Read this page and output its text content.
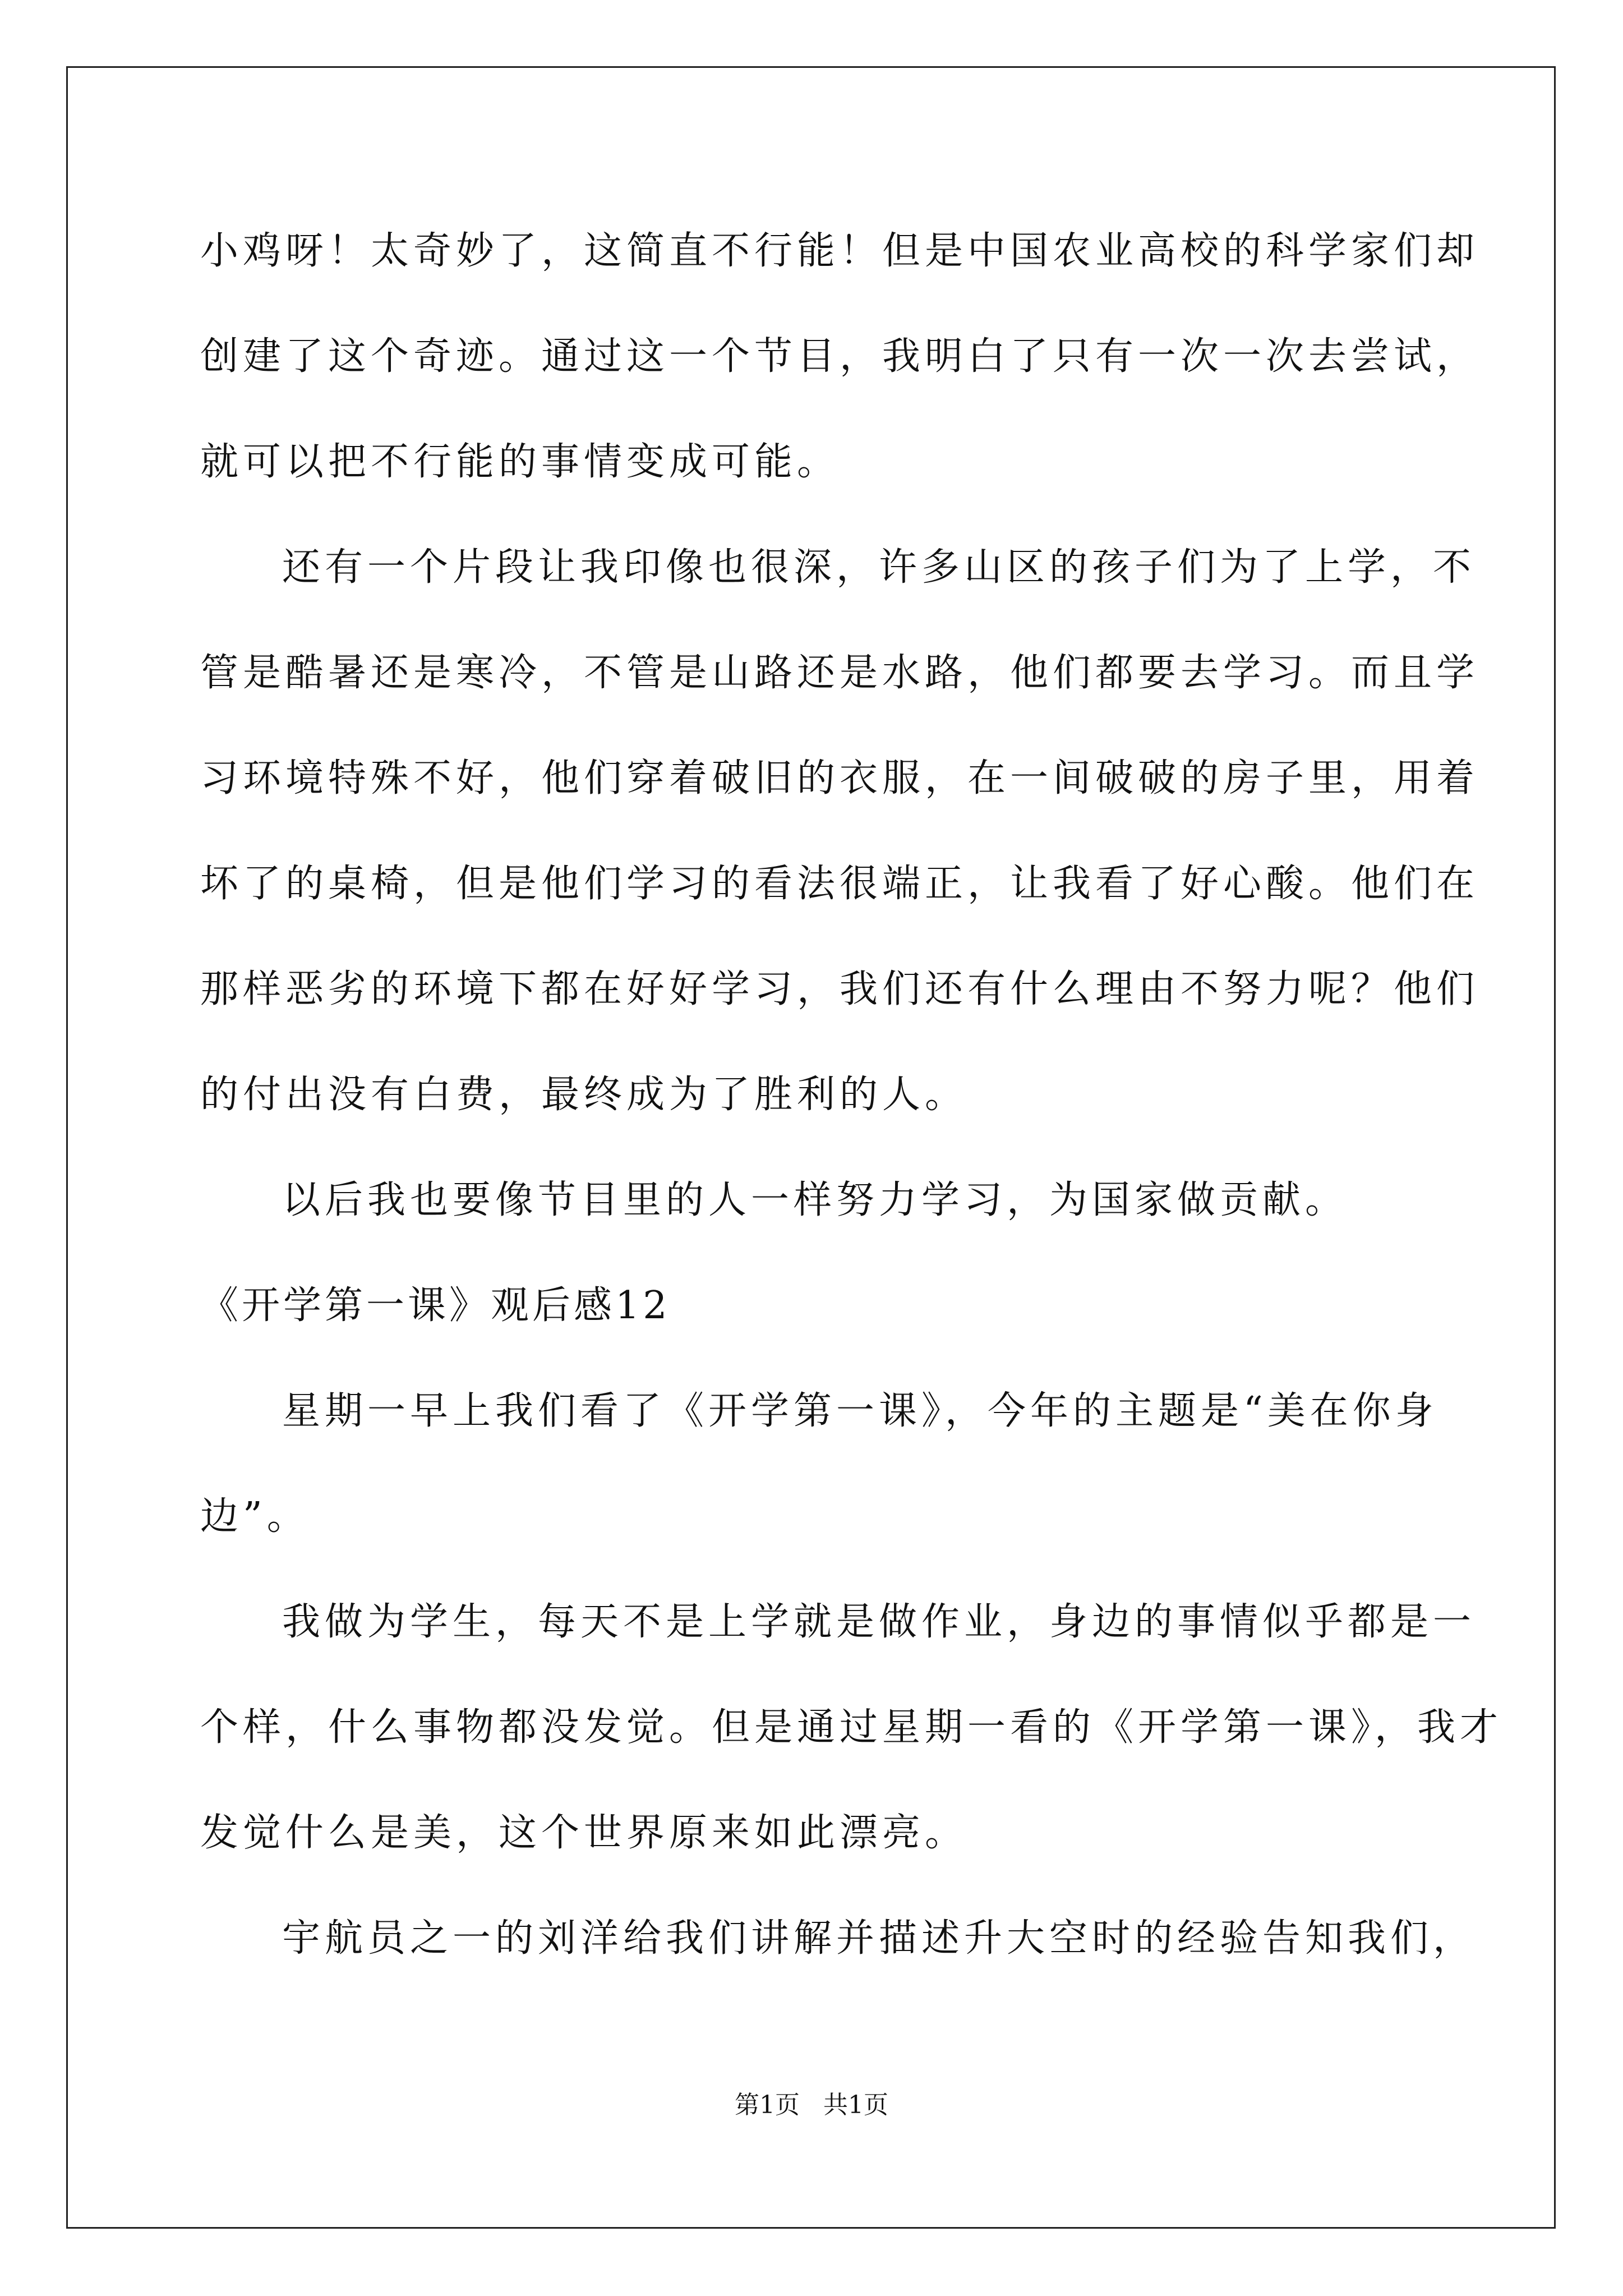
小鸡呀！太奇妙了，这简直不行能！但是中国农业高校的科学家们却
创建了这个奇迹。通过这一个节目，我明白了只有一次一次去尝试，
就可以把不行能的事情变成可能。
还有一个片段让我印像也很深，许多山区的孩子们为了上学，不
管是酷暑还是寒冷，不管是山路还是水路，他们都要去学习。而且学
习环境特殊不好，他们穿着破旧的衣服，在一间破破的房子里，用着
坏了的桌椅，但是他们学习的看法很端正，让我看了好心酸。他们在
那样恶劣的环境下都在好好学习，我们还有什么理由不努力呢？他们
的付出没有白费，最终成为了胜利的人。
以后我也要像节目里的人一样努力学习，为国家做贡献。
《开学第一课》观后感12
星期一早上我们看了《开学第一课》，今年的主题是“美在你身
边”。
我做为学生，每天不是上学就是做作业，身边的事情似乎都是一
个样，什么事物都没发觉。但是通过星期一看的《开学第一课》，我才
发觉什么是美，这个世界原来如此漂亮。
宇航员之一的刘洋给我们讲解并描述升大空时的经验告知我们，
第1页   共1页
